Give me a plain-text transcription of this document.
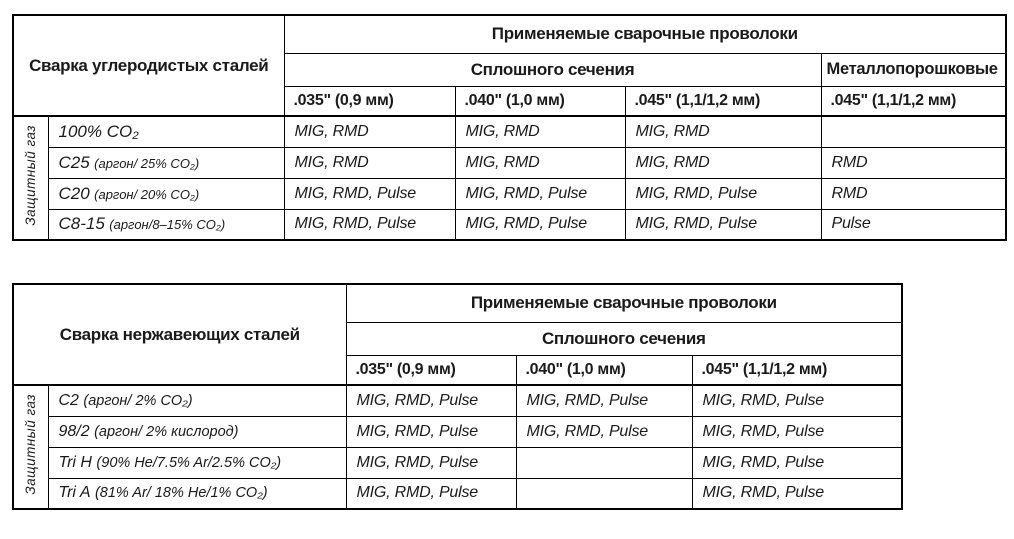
Сварка углеродистых сталей		Применяемые сварочные проволоки			
		Сплошного сечения			Металлопорошковые
		.035" (0,9 мм)	.040" (1,0 мм)	.045" (1,1/1,2 мм)	.045" (1,1/1,2 мм)
Защитный газ	100% CO₂	MIG, RMD	MIG, RMD	MIG, RMD	
	C25 (аргон/ 25% CO₂)	MIG, RMD	MIG, RMD	MIG, RMD	RMD
	C20 (аргон/ 20% CO₂)	MIG, RMD, Pulse	MIG, RMD, Pulse	MIG, RMD, Pulse	RMD
	C8-15 (аргон/8–15% CO₂)	MIG, RMD, Pulse	MIG, RMD, Pulse	MIG, RMD, Pulse	Pulse
Сварка нержавеющих сталей		Применяемые сварочные проволоки		
		Сплошного сечения		
		.035" (0,9 мм)	.040" (1,0 мм)	.045" (1,1/1,2 мм)
Защитный газ	C2 (аргон/ 2% CO₂)	MIG, RMD, Pulse	MIG, RMD, Pulse	MIG, RMD, Pulse
	98/2 (аргон/ 2% кислород)	MIG, RMD, Pulse	MIG, RMD, Pulse	MIG, RMD, Pulse
	Tri H (90% He/7.5% Ar/2.5% CO₂)	MIG, RMD, Pulse		MIG, RMD, Pulse
	Tri A (81% Ar/ 18% He/1% CO₂)	MIG, RMD, Pulse		MIG, RMD, Pulse
